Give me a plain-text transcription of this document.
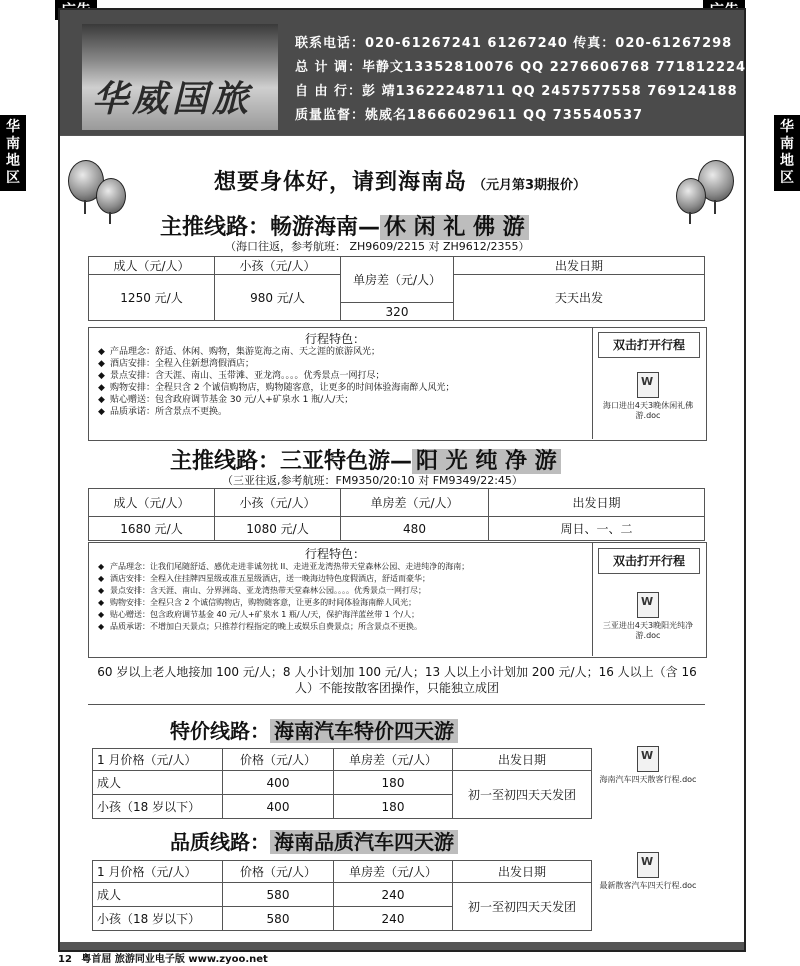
华
南
地
区
华
南
地
区
华威国旅
联系电话：020-61267241 61267240 传真：020-61267298
总 计 调：毕静文13352810076 QQ 2276606768 771812224
自 由 行：彭 靖13622248711 QQ 2457577558 769124188
质量监督：姚威名18666029611 QQ 735540537
想要身体好，请到海南岛 （元月第3期报价）
主推线路：畅游海南— 休 闲 礼 佛 游
（海口往返，参考航班： ZH9609/2215 对 ZH9612/2355）
成人（元/人）	小孩（元/人）	单房差（元/人）	出发日期
1250 元/人	980 元/人		天天出发
		320	
行程特色：
◆ 产品理念：舒适、休闲、购物，集游览海之南、天之涯的旅游风光；
◆ 酒店安排：全程入住新想湾假酒店；
◆ 景点安排：含天涯、南山、玉带滩、亚龙湾。。。。优秀景点一网打尽；
◆ 购物安排：全程只含 2 个诚信购物店，购物随客意，让更多的时间体验海南醉人风光；
◆ 贴心赠送：包含政府调节基金 30 元/人+矿泉水 1 瓶/人/天；
◆ 品质承诺：所含景点不更换。
双击打开行程
W
海口进出4天3晚休闲礼佛游.doc
主推线路：三亚特色游— 阳 光 纯 净 游
（三亚往返,参考航班：FM9350/20:10 对 FM9349/22:45）
成人（元/人）	小孩（元/人）	单房差（元/人）	出发日期
1680 元/人	1080 元/人	480	周日、一、二
行程特色：
◆ 产品理念：让我们尾随舒适、感优走进非诚勿扰 II、走进亚龙湾热带天堂森林公园、走进纯净的海南；
◆ 酒店安排：全程入住挂牌四星级或准五星级酒店，送一晚海边特色度假酒店，舒适而豪华；
◆ 景点安排：含天涯、南山、分界洲岛、亚龙湾热带天堂森林公园。。。。优秀景点一网打尽；
◆ 购物安排：全程只含 2 个诚信购物店，购物随客意，让更多的时间体验海南醉人风光；
◆ 贴心赠送：包含政府调节基金 40 元/人+矿泉水 1 瓶/人/天，保护海洋蓝丝带 1 个/人；
◆ 品质承诺：不增加白天景点；只推荐行程指定的晚上或娱乐自费景点；所含景点不更换。
双击打开行程
W
三亚进出4天3晚阳光纯净游.doc
60 岁以上老人地接加 100 元/人；8 人小计划加 100 元/人；13 人以上小计划加 200 元/人；16 人以上（含 16 人）不能按散客团操作，只能独立成团
特价线路： 海南汽车特价四天游
1 月价格（元/人）	价格（元/人）	单房差（元/人）	出发日期
成人	400	180	初一至初四天天发团
小孩（18 岁以下）	400	180	
W
海南汽车四天散客行程.doc
品质线路： 海南品质汽车四天游
1 月价格（元/人）	价格（元/人）	单房差（元/人）	出发日期
成人	580	240	初一至初四天天发团
小孩（18 岁以下）	580	240	
W
最新散客汽车四天行程.doc
12 粤首屈 旅游同业电子版 www.zyoo.net
